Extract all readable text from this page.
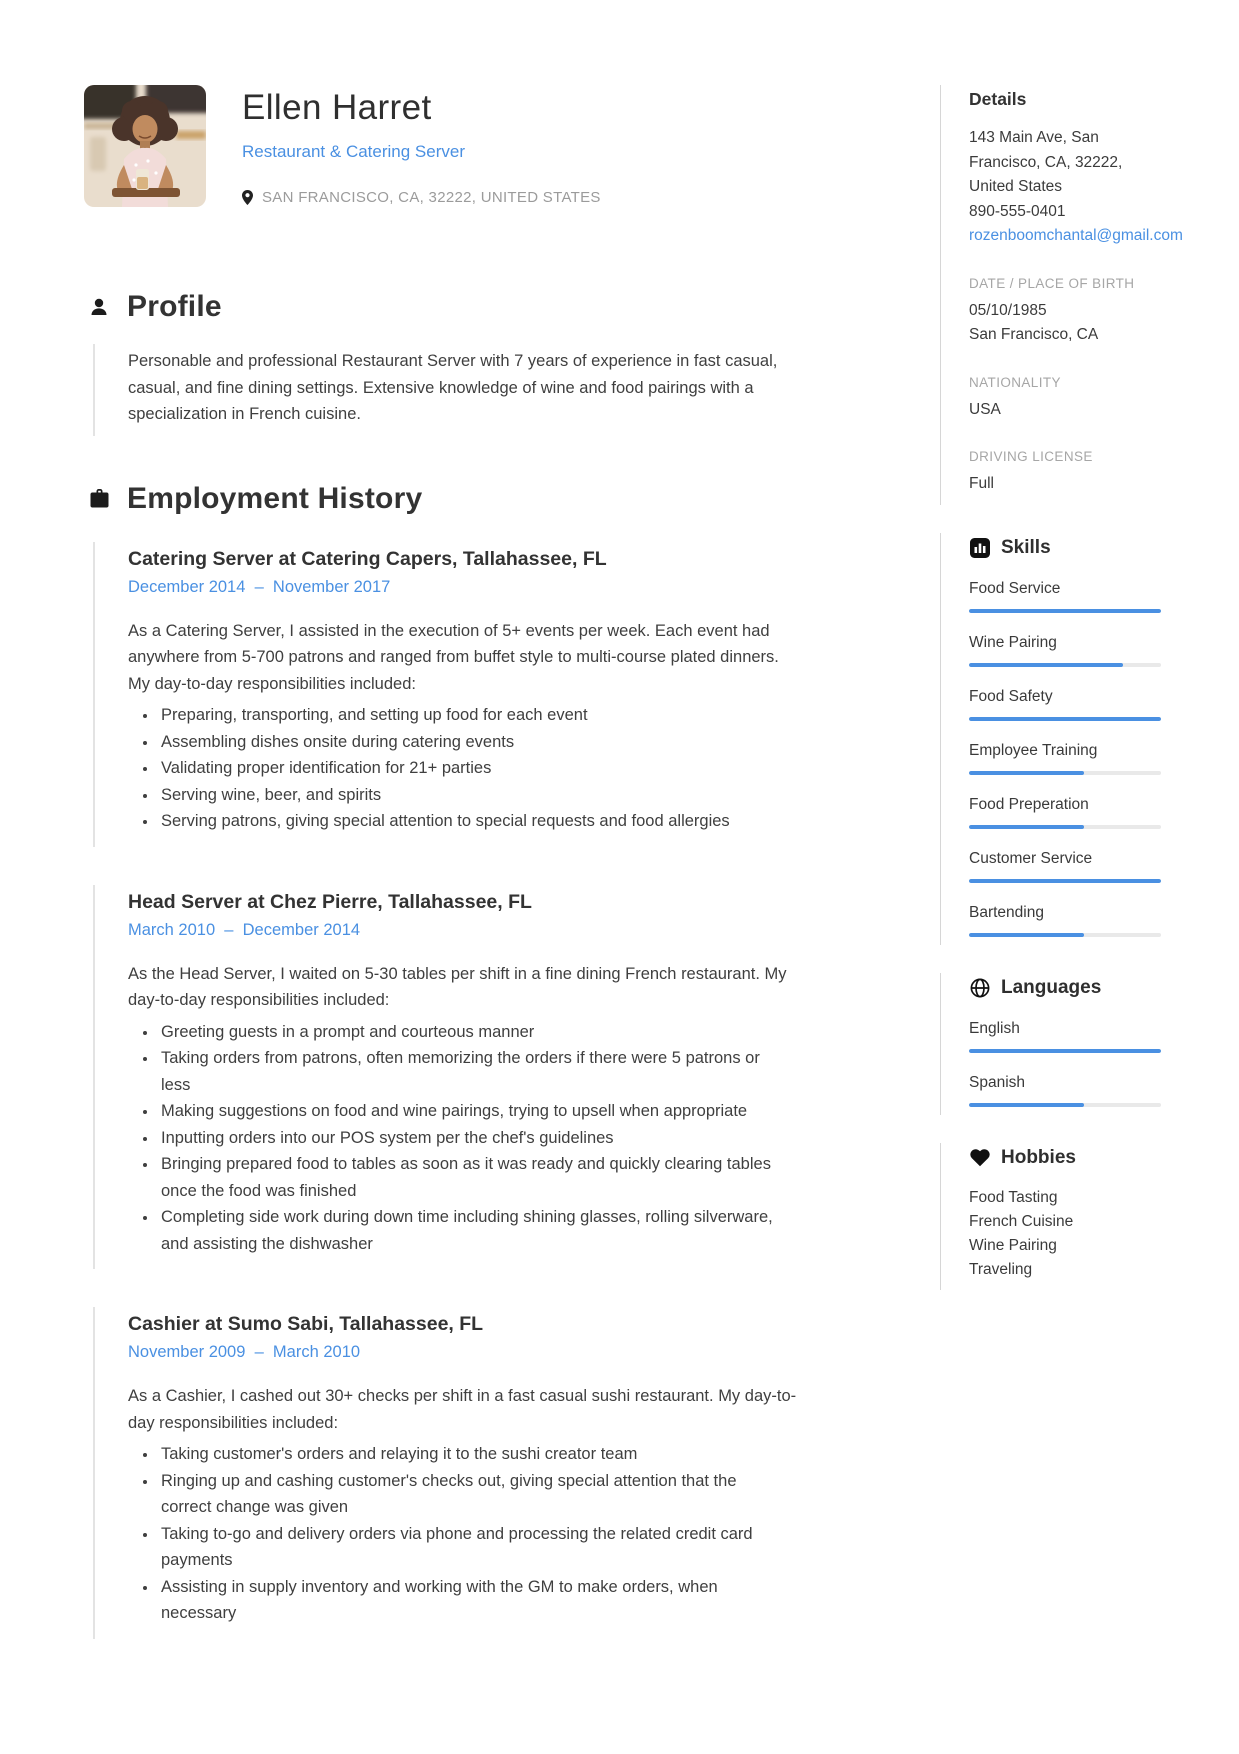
Ellen Harret
Restaurant & Catering Server
SAN FRANCISCO, CA, 32222, UNITED STATES
Profile

Personable and professional Restaurant Server with 7 years of experience in fast casual, casual, and fine dining settings. Extensive knowledge of wine and food pairings with a specialization in French cuisine.

Employment History
Catering Server at Catering Capers, Tallahassee, FL
December 2014  –  November 2017

As a Catering Server, I assisted in the execution of 5+ events per week. Each event had anywhere from 5-700 patrons and ranged from buffet style to multi-course plated dinners. My day-to-day responsibilities included:

• Preparing, transporting, and setting up food for each event
• Assembling dishes onsite during catering events
• Validating proper identification for 21+ parties
• Serving wine, beer, and spirits
• Serving patrons, giving special attention to special requests and food allergies
Head Server at Chez Pierre, Tallahassee, FL
March 2010  –  December 2014

As the Head Server, I waited on 5-30 tables per shift in a fine dining French restaurant. My day-to-day responsibilities included:

• Greeting guests in a prompt and courteous manner
• Taking orders from patrons, often memorizing the orders if there were 5 patrons or less
• Making suggestions on food and wine pairings, trying to upsell when appropriate
• Inputting orders into our POS system per the chef's guidelines
• Bringing prepared food to tables as soon as it was ready and quickly clearing tables once the food was finished
• Completing side work during down time including shining glasses, rolling silverware, and assisting the dishwasher
Cashier at Sumo Sabi, Tallahassee, FL
November 2009  –  March 2010

As a Cashier, I cashed out 30+ checks per shift in a fast casual sushi restaurant. My day-to-day responsibilities included:

• Taking customer's orders and relaying it to the sushi creator team
• Ringing up and cashing customer's checks out, giving special attention that the correct change was given
• Taking to-go and delivery orders via phone and processing the related credit card payments
• Assisting in supply inventory and working with the GM to make orders, when necessary
Details
143 Main Ave, San
Francisco, CA, 32222,
United States
890-555-0401
rozenboomchantal@gmail.com
DATE / PLACE OF BIRTH
05/10/1985
San Francisco, CA
NATIONALITY
USA
DRIVING LICENSE
Full
Skills
Food Service
Wine Pairing
Food Safety
Employee Training
Food Preperation
Customer Service
Bartending
Languages
English
Spanish
Hobbies
Food Tasting
French Cuisine
Wine Pairing
Traveling
